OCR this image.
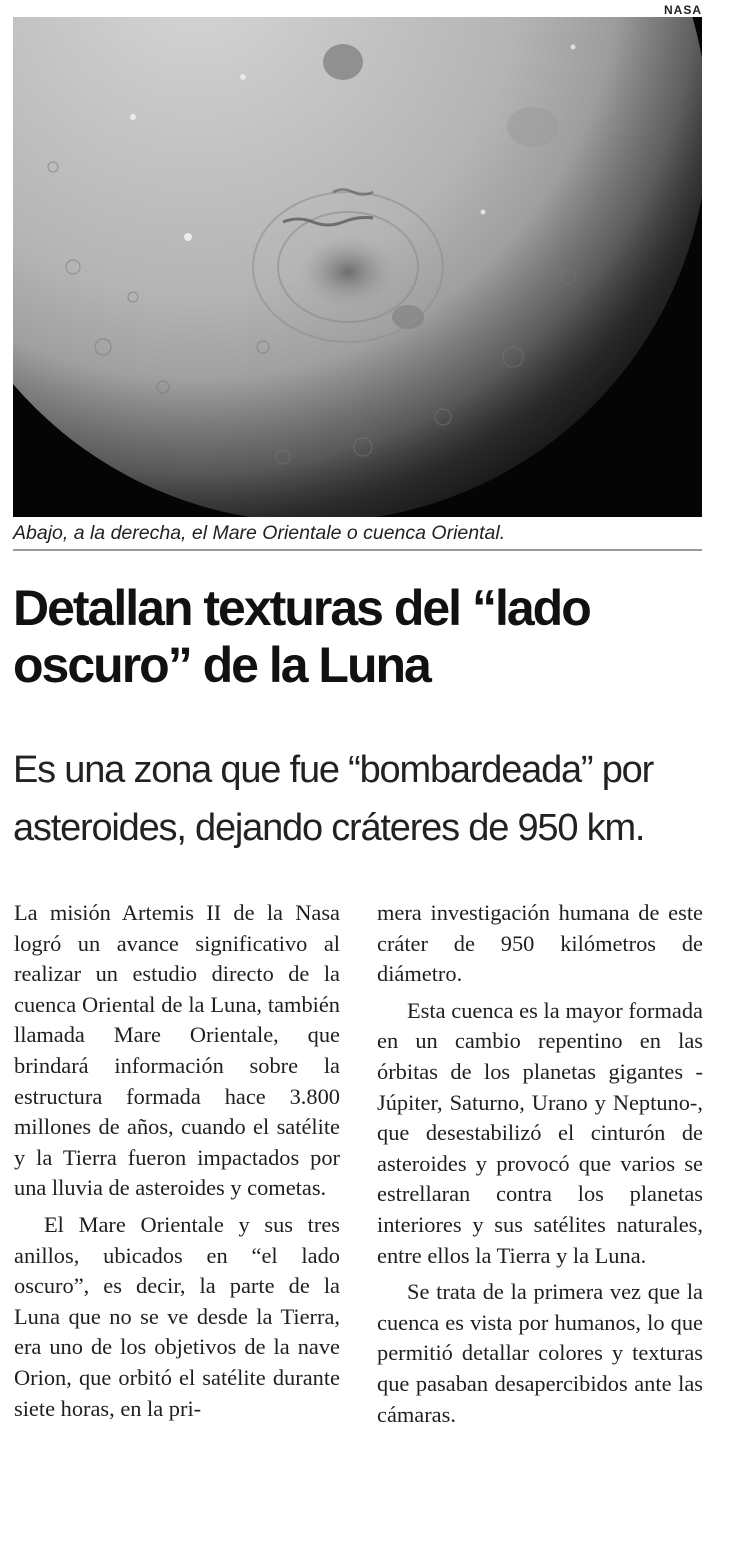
NASA
Abajo, a la derecha, el Mare Orientale o cuenca Oriental.
Detallan texturas del “lado oscuro” de la Luna
Es una zona que fue “bombardeada” por asteroides, dejando cráteres de 950 km.

La misión Artemis II de la Nasa logró un avance significativo al realizar un estudio directo de la cuenca Oriental de la Luna, también llamada Mare Orientale, que brindará información sobre la estructura formada hace 3.800 millones de años, cuando el satélite y la Tierra fueron impactados por una lluvia de asteroides y cometas.

El Mare Orientale y sus tres anillos, ubicados en “el lado oscuro”, es decir, la parte de la Luna que no se ve desde la Tierra, era uno de los objetivos de la nave Orion, que orbitó el satélite durante siete horas, en la pri-

mera investigación humana de este cráter de 950 kilómetros de diámetro.

Esta cuenca es la mayor formada en un cambio repentino en las órbitas de los planetas gigantes -Júpiter, Saturno, Urano y Neptuno-, que desestabilizó el cinturón de asteroides y provocó que varios se estrellaran contra los planetas interiores y sus satélites naturales, entre ellos la Tierra y la Luna.

Se trata de la primera vez que la cuenca es vista por humanos, lo que permitió detallar colores y texturas que pasaban desapercibidos ante las cámaras.
